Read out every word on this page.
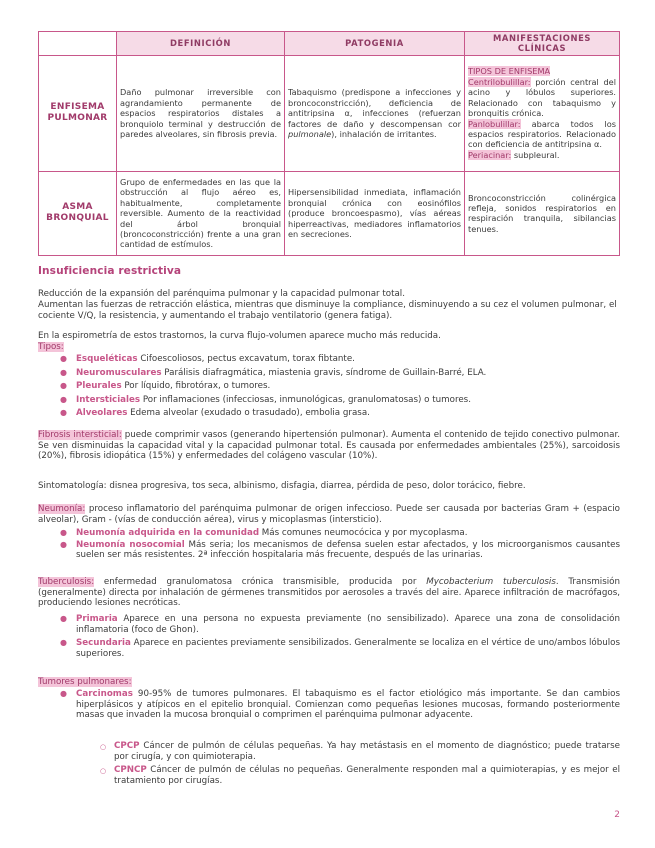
	DEFINICIÓN	PATOGENIA	MANIFESTACIONES CLÍNICAS
ENFISEMA
PULMONAR	Daño pulmonar irreversible con agrandamiento permanente de espacios respiratorios distales a bronquiolo terminal y destrucción de paredes alveolares, sin fibrosis previa.	Tabaquismo (predispone a infecciones y broncoconstricción), deficiencia de antitripsina α, infecciones (refuerzan factores de daño y descompensan cor pulmonale), inhalación de irritantes.	TIPOS DE ENFISEMA
Centrilobulillar: porción central del acino y lóbulos superiores. Relacionado con tabaquismo y bronquitis crónica.
Panlobulillar: abarca todos los espacios respiratorios. Relacionado con deficiencia de antitripsina α.
Periacinar: subpleural.
ASMA
BRONQUIAL	Grupo de enfermedades en las que la obstrucción al flujo aéreo es, habitualmente, completamente reversible. Aumento de la reactividad del árbol bronquial (broncoconstricción) frente a una gran cantidad de estímulos.	Hipersensibilidad inmediata, inflamación bronquial crónica con eosinófilos (produce broncoespasmo), vías aéreas hiperreactivas, mediadores inflamatorios en secreciones.	Broncoconstricción colinérgica refleja, sonidos respiratorios en respiración tranquila, sibilancias tenues.

Insuficiencia restrictiva

Reducción de la expansión del parénquima pulmonar y la capacidad pulmonar total.

Aumentan las fuerzas de retracción elástica, mientras que disminuye la compliance, disminuyendo a su cez el volumen pulmonar, el cociente V/Q, la resistencia, y aumentando el trabajo ventilatorio (genera fatiga).

En la espirometría de estos trastornos, la curva flujo-volumen aparece mucho más reducida.

Tipos:

● Esqueléticas Cifoescoliosos, pectus excavatum, torax fibtante.
● Neuromusculares Parálisis diafragmática, miastenia gravis, síndrome de Guillain-Barré, ELA.
● Pleurales Por líquido, fibrotórax, o tumores.
● Intersticiales Por inflamaciones (infecciosas, inmunológicas, granulomatosas) o tumores.
● Alveolares Edema alveolar (exudado o trasudado), embolia grasa.

Fibrosis intersticial: puede comprimir vasos (generando hipertensión pulmonar). Aumenta el contenido de tejido conectivo pulmonar. Se ven disminuidas la capacidad vital y la capacidad pulmonar total. Es causada por enfermedades ambientales (25%), sarcoidosis (20%), fibrosis idiopática (15%) y enfermedades del colágeno vascular (10%).

Sintomatología: disnea progresiva, tos seca, albinismo, disfagia, diarrea, pérdida de peso, dolor torácico, fiebre.

Neumonía: proceso inflamatorio del parénquima pulmonar de origen infeccioso. Puede ser causada por bacterias Gram + (espacio alveolar), Gram - (vías de conducción aérea), virus y micoplasmas (intersticio).

● Neumonía adquirida en la comunidad Más comunes neumocócica y por mycoplasma.
● Neumonía nosocomial Más seria; los mecanismos de defensa suelen estar afectados, y los microorganismos causantes suelen ser más resistentes. 2ª infección hospitalaria más frecuente, después de las urinarias.

Tuberculosis: enfermedad granulomatosa crónica transmisible, producida por Mycobacterium tuberculosis. Transmisión (generalmente) directa por inhalación de gérmenes transmitidos por aerosoles a través del aire. Aparece infiltración de macrófagos, produciendo lesiones necróticas.

● Primaria Aparece en una persona no expuesta previamente (no sensibilizado). Aparece una zona de consolidación inflamatoria (foco de Ghon).
● Secundaria Aparece en pacientes previamente sensibilizados. Generalmente se localiza en el vértice de uno/ambos lóbulos superiores.

Tumores pulmonares:

● Carcinomas 90-95% de tumores pulmonares. El tabaquismo es el factor etiológico más importante. Se dan cambios hiperplásicos y atípicos en el epitelio bronquial. Comienzan como pequeñas lesiones mucosas, formando posteriormente masas que invaden la mucosa bronquial o comprimen el parénquima pulmonar adyacente.
○ CPCP Cáncer de pulmón de células pequeñas. Ya hay metástasis en el momento de diagnóstico; puede tratarse por cirugía, y con quimioterapia.
○ CPNCP Cáncer de pulmón de células no pequeñas. Generalmente responden mal a quimioterapias, y es mejor el tratamiento por cirugías.

2
